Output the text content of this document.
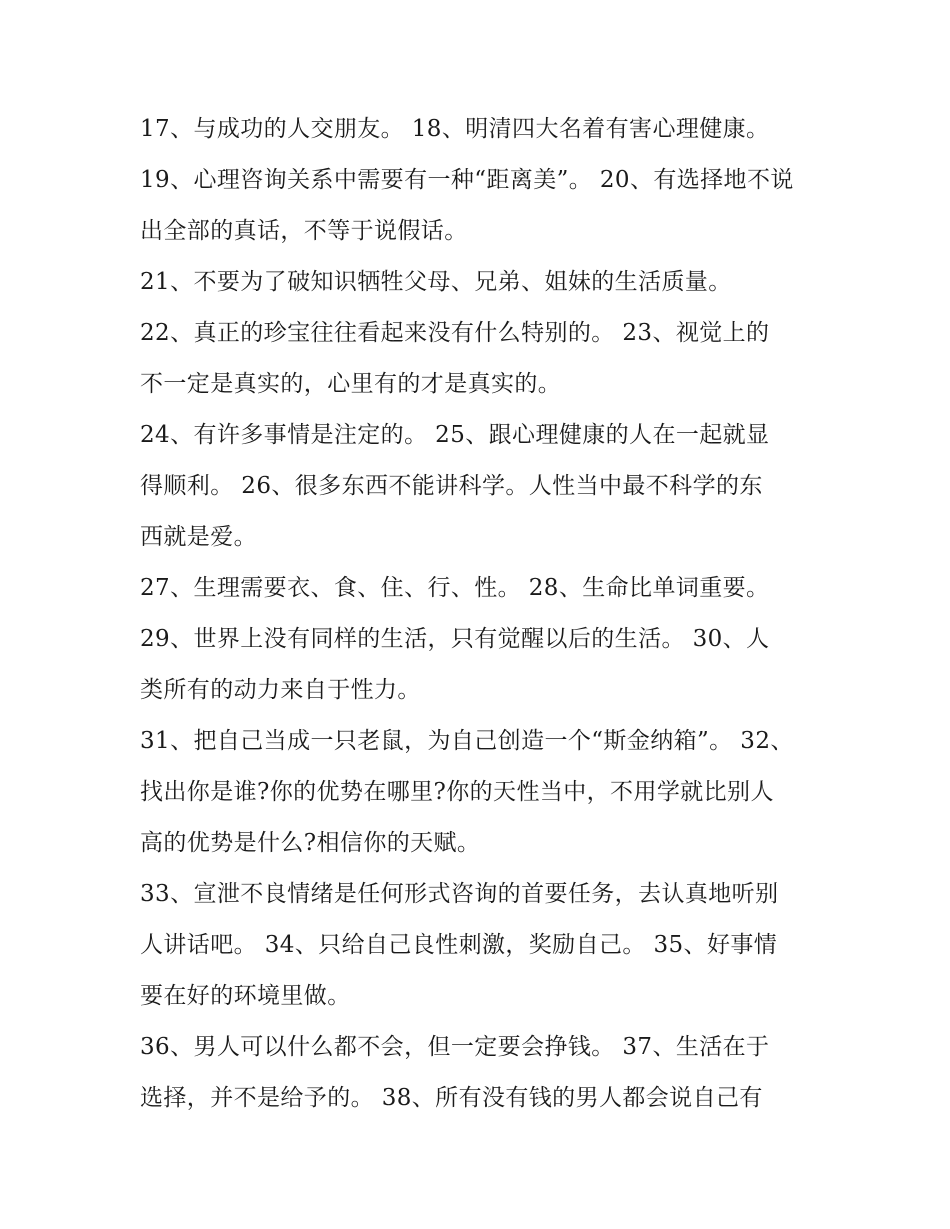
17、与成功的人交朋友。 18、明清四大名着有害心理健康。
19、心理咨询关系中需要有一种“距离美”。 20、有选择地不说
出全部的真话，不等于说假话。
21、不要为了破知识牺牲父母、兄弟、姐妹的生活质量。
22、真正的珍宝往往看起来没有什么特别的。 23、视觉上的
不一定是真实的，心里有的才是真实的。
24、有许多事情是注定的。 25、跟心理健康的人在一起就显
得顺利。 26、很多东西不能讲科学。人性当中最不科学的东
西就是爱。
27、生理需要衣、食、住、行、性。 28、生命比单词重要。
29、世界上没有同样的生活，只有觉醒以后的生活。 30、人
类所有的动力来自于性力。
31、把自己当成一只老鼠，为自己创造一个“斯金纳箱”。 32、
找出你是谁?你的优势在哪里?你的天性当中，不用学就比别人
高的优势是什么?相信你的天赋。
33、宣泄不良情绪是任何形式咨询的首要任务，去认真地听别
人讲话吧。 34、只给自己良性刺激，奖励自己。 35、好事情
要在好的环境里做。
36、男人可以什么都不会，但一定要会挣钱。 37、生活在于
选择，并不是给予的。 38、所有没有钱的男人都会说自己有
